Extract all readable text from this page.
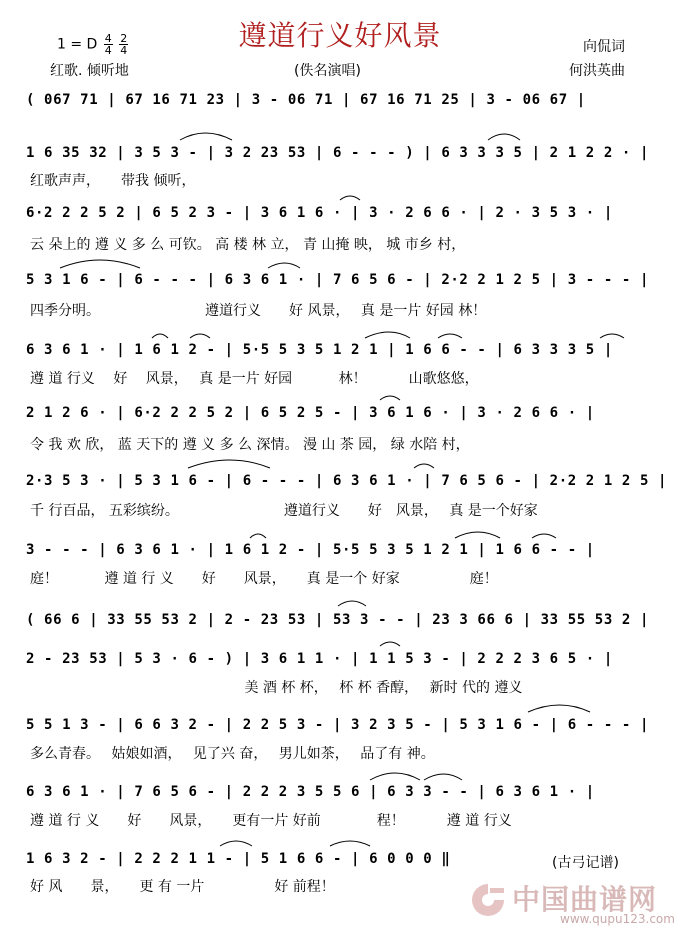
遵道行义好风景
1 = D $\frac{4}{4}$
$\frac{2}{4}$
红歌. 倾听地	(佚名演唱)
向侃词
何洪英曲
( 067 71 | 67 16 71 23 | 3 - 06 71 | 67 16 71 25 | 3 - 06 67 |
1 6 35 32 | 3 5 3 - | 3 2 23 53 | 6 - - - ) | 6 3 3 3 5 | 2 1 2 2 · |
红歌声声，　　带我 倾听，
6·2 2 2 5 2 | 6 5 2 3 - | 3 6 1 6 · | 3 · 2 6 6 · | 2 · 3 5 3 · |
云 朵上的 遵 义 多 么 可钦。 高 楼 林 立， 青 山掩 映， 城 市乡 村，
5 3 1 6 - | 6 - - - | 6 3 6 1 · | 7 6 5 6 - | 2·2 2 1 2 5 | 3 - - - |
四季分明。　　　　　　　　遵道行义　　好 风景，　 真 是一片 好园 林！
6 3 6 1 · | 1 6 1 2 - | 5·5 5 3 5 1 2 1 | 1 6 6 - - | 6 3 3 3 5 |
遵 道 行义　 好　 风景，　 真 是一片 好园　　　 林！　　　山歌悠悠，
2 1 2 6 · | 6·2 2 2 5 2 | 6 5 2 5 - | 3 6 1 6 · | 3 · 2 6 6 · |
令 我 欢 欣， 蓝 天下的 遵 义 多 么 深情。 漫 山 茶 园， 绿 水陪 村，
2·3 5 3 · | 5 3 1 6 - | 6 - - - | 6 3 6 1 · | 7 6 5 6 - | 2·2 2 1 2 5 |
千 行百品， 五彩缤纷。　　　　　　　　遵道行义　　好　风景，　 真 是一个好家
3 - - - | 6 3 6 1 · | 1 6 1 2 - | 5·5 5 3 5 1 2 1 | 1 6 6 - - |
庭！　　　 遵 道 行 义　　好　　风景，　　真 是一个 好家　　　　　庭！
( 66 6 | 33 55 53 2 | 2 - 23 53 | 53 3 - - | 23 3 66 6 | 33 55 53 2 |
2 - 23 53 | 5 3 · 6 - ) | 3 6 1 1 · | 1 1 5 3 - | 2 2 2 3 6 5 · |
　　　　　　　　　　　　　　　 美 酒 杯 杯，　 杯 杯 香醇，　 新时 代的 遵义
5 5 1 3 - | 6 6 3 2 - | 2 2 5 3 - | 3 2 3 5 - | 5 3 1 6 - | 6 - - - |
多么青春。　 姑娘如酒，　 见了兴 奋，　 男儿如茶，　 品了有 神。
6 3 6 1 · | 7 6 5 6 - | 2 2 2 3 5 5 6 | 6 3 3 - - | 6 3 6 1 · |
遵 道 行 义　　好　　风景，　　更有一片 好前　　　　程！　　　遵 道 行义
1 6 3 2 - | 2 2 2 1 1 - | 5 1 6 6 - | 6 0 0 0 ‖
好 风　　景，　　更 有 一片　　　　　好 前程！
(古弓记谱)
中国曲谱网
www.qupu123.com
